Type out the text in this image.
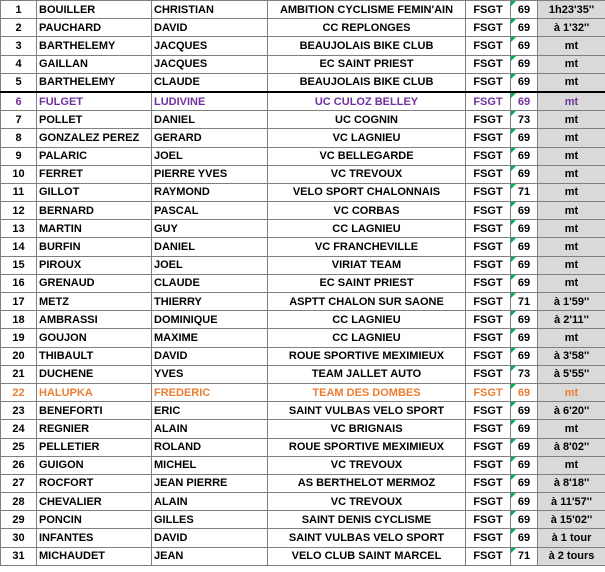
1	BOUILLER	CHRISTIAN	AMBITION CYCLISME FEMIN'AIN	FSGT	69	1h23'35''
2	PAUCHARD	DAVID	CC REPLONGES	FSGT	69	à 1'32''
3	BARTHELEMY	JACQUES	BEAUJOLAIS BIKE CLUB	FSGT	69	mt
4	GAILLAN	JACQUES	EC SAINT PRIEST	FSGT	69	mt
5	BARTHELEMY	CLAUDE	BEAUJOLAIS BIKE CLUB	FSGT	69	mt
6	FULGET	LUDIVINE	UC CULOZ BELLEY	FSGT	69	mt
7	POLLET	DANIEL	UC COGNIN	FSGT	73	mt
8	GONZALEZ PEREZ	GERARD	VC LAGNIEU	FSGT	69	mt
9	PALARIC	JOEL	VC BELLEGARDE	FSGT	69	mt
10	FERRET	PIERRE YVES	VC TREVOUX	FSGT	69	mt
11	GILLOT	RAYMOND	VELO SPORT CHALONNAIS	FSGT	71	mt
12	BERNARD	PASCAL	VC CORBAS	FSGT	69	mt
13	MARTIN	GUY	CC LAGNIEU	FSGT	69	mt
14	BURFIN	DANIEL	VC FRANCHEVILLE	FSGT	69	mt
15	PIROUX	JOEL	VIRIAT TEAM	FSGT	69	mt
16	GRENAUD	CLAUDE	EC SAINT PRIEST	FSGT	69	mt
17	METZ	THIERRY	ASPTT CHALON SUR SAONE	FSGT	71	à 1'59''
18	AMBRASSI	DOMINIQUE	CC LAGNIEU	FSGT	69	à 2'11''
19	GOUJON	MAXIME	CC LAGNIEU	FSGT	69	mt
20	THIBAULT	DAVID	ROUE SPORTIVE MEXIMIEUX	FSGT	69	à 3'58''
21	DUCHENE	YVES	TEAM JALLET AUTO	FSGT	73	à 5'55''
22	HALUPKA	FREDERIC	TEAM DES DOMBES	FSGT	69	mt
23	BENEFORTI	ERIC	SAINT VULBAS VELO SPORT	FSGT	69	à 6'20''
24	REGNIER	ALAIN	VC BRIGNAIS	FSGT	69	mt
25	PELLETIER	ROLAND	ROUE SPORTIVE MEXIMIEUX	FSGT	69	à 8'02''
26	GUIGON	MICHEL	VC TREVOUX	FSGT	69	mt
27	ROCFORT	JEAN PIERRE	AS BERTHELOT MERMOZ	FSGT	69	à 8'18''
28	CHEVALIER	ALAIN	VC TREVOUX	FSGT	69	à 11'57''
29	PONCIN	GILLES	SAINT DENIS CYCLISME	FSGT	69	à 15'02''
30	INFANTES	DAVID	SAINT VULBAS VELO SPORT	FSGT	69	à 1 tour
31	MICHAUDET	JEAN	VELO CLUB SAINT MARCEL	FSGT	71	à 2 tours
